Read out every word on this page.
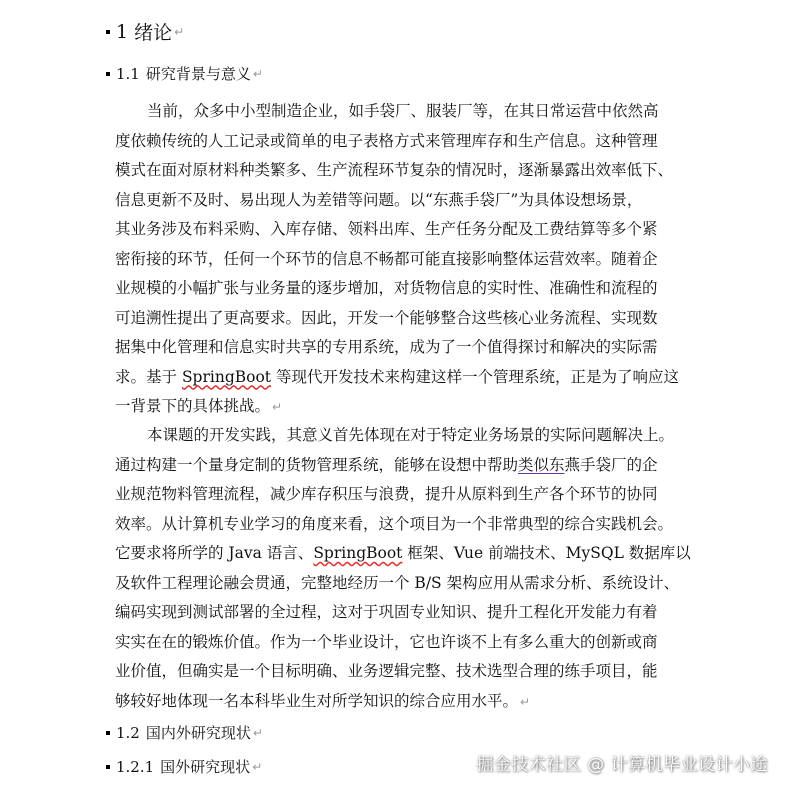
1 绪论 ↵
1.1 研究背景与意义 ↵
当前，众多中小型制造企业，如手袋厂、服装厂等，在其日常运营中依然高
度依赖传统的人工记录或简单的电子表格方式来管理库存和生产信息。这种管理
模式在面对原材料种类繁多、生产流程环节复杂的情况时，逐渐暴露出效率低下、
信息更新不及时、易出现人为差错等问题。以“东燕手袋厂”为具体设想场景，
其业务涉及布料采购、入库存储、领料出库、生产任务分配及工费结算等多个紧
密衔接的环节，任何一个环节的信息不畅都可能直接影响整体运营效率。随着企
业规模的小幅扩张与业务量的逐步增加，对货物信息的实时性、准确性和流程的
可追溯性提出了更高要求。因此，开发一个能够整合这些核心业务流程、实现数
据集中化管理和信息实时共享的专用系统，成为了一个值得探讨和解决的实际需
求。基于 SpringBoot 等现代开发技术来构建这样一个管理系统，正是为了响应这
一背景下的具体挑战。 ↵
本课题的开发实践，其意义首先体现在对于特定业务场景的实际问题解决上。
通过构建一个量身定制的货物管理系统，能够在设想中帮助类似东燕手袋厂的企
业规范物料管理流程，减少库存积压与浪费，提升从原料到生产各个环节的协同
效率。从计算机专业学习的角度来看，这个项目为一个非常典型的综合实践机会。
它要求将所学的 Java 语言、SpringBoot 框架、Vue 前端技术、MySQL 数据库以
及软件工程理论融会贯通，完整地经历一个 B/S 架构应用从需求分析、系统设计、
编码实现到测试部署的全过程，这对于巩固专业知识、提升工程化开发能力有着
实实在在的锻炼价值。作为一个毕业设计，它也许谈不上有多么重大的创新或商
业价值，但确实是一个目标明确、业务逻辑完整、技术选型合理的练手项目，能
够较好地体现一名本科毕业生对所学知识的综合应用水平。 ↵
1.2 国内外研究现状 ↵
1.2.1 国外研究现状 ↵	掘金技术社区 @ 计算机毕业设计小途
